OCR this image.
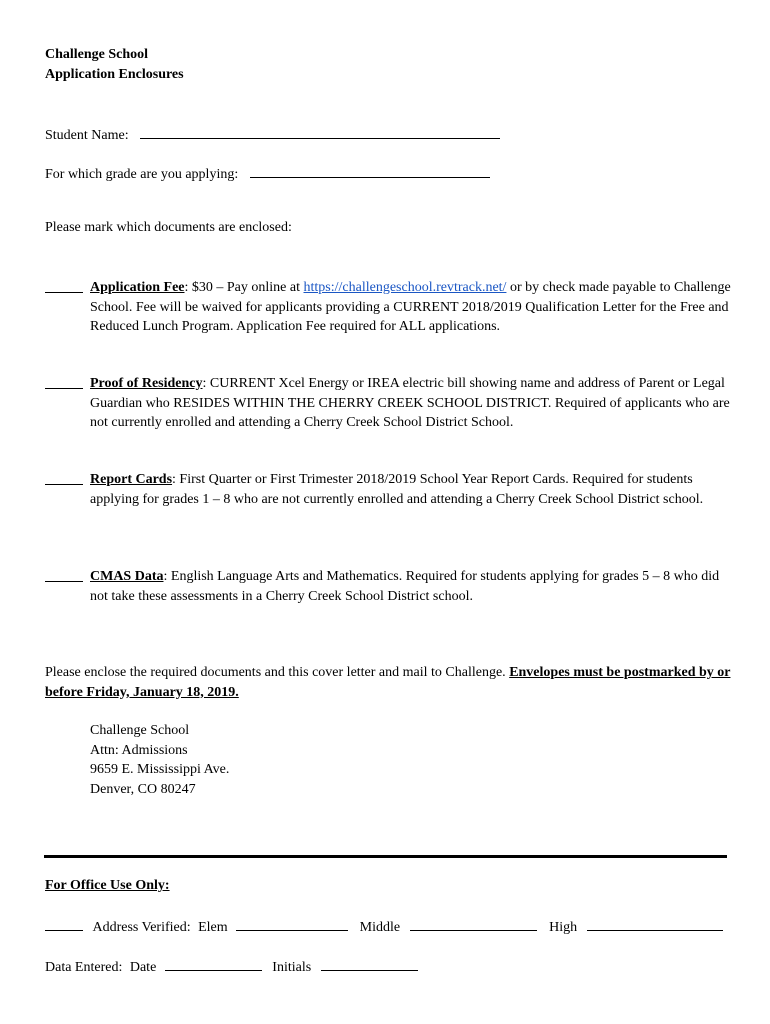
Challenge School
Application Enclosures
Student Name:
For which grade are you applying:
Please mark which documents are enclosed:
Application Fee: $30 – Pay online at https://challengeschool.revtrack.net/ or by check made payable to Challenge School. Fee will be waived for applicants providing a CURRENT 2018/2019 Qualification Letter for the Free and Reduced Lunch Program. Application Fee required for ALL applications.
Proof of Residency: CURRENT Xcel Energy or IREA electric bill showing name and address of Parent or Legal Guardian who RESIDES WITHIN THE CHERRY CREEK SCHOOL DISTRICT. Required of applicants who are not currently enrolled and attending a Cherry Creek School District School.
Report Cards: First Quarter or First Trimester 2018/2019 School Year Report Cards. Required for students applying for grades 1 – 8 who are not currently enrolled and attending a Cherry Creek School District school.
CMAS Data: English Language Arts and Mathematics. Required for students applying for grades 5 – 8 who did not take these assessments in a Cherry Creek School District school.
Please enclose the required documents and this cover letter and mail to Challenge. Envelopes must be postmarked by or before Friday, January 18, 2019.
Challenge School
Attn: Admissions
9659 E. Mississippi Ave.
Denver, CO 80247
For Office Use Only:
Address Verified: Elem	Middle	High
Data Entered: Date	Initials
